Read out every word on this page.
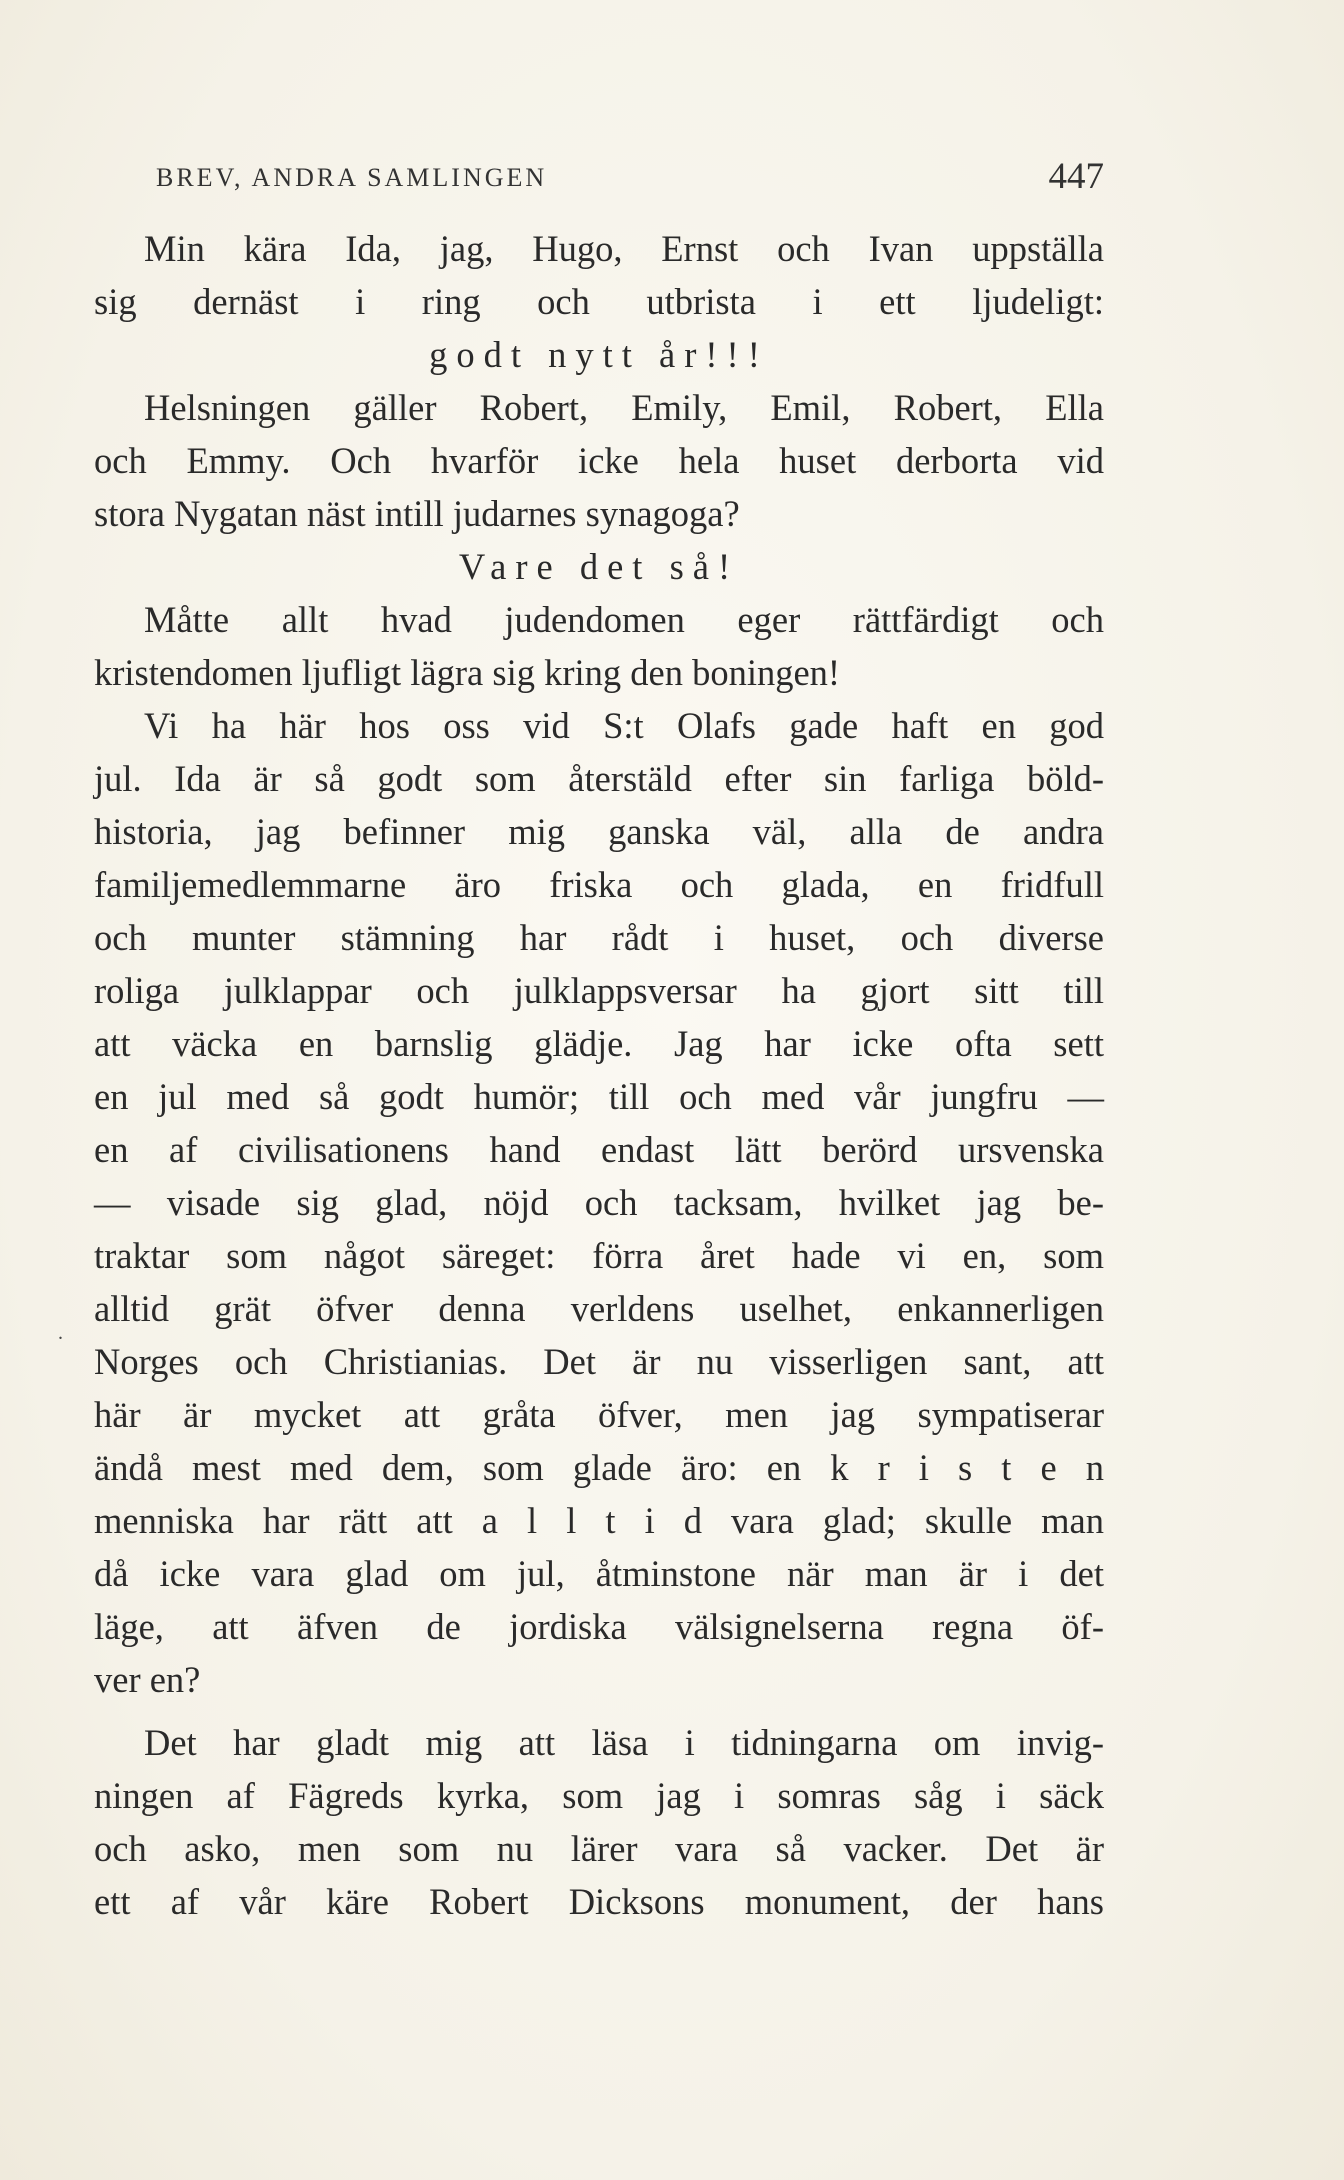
BREV, ANDRA SAMLINGEN	447
Min kära Ida, jag, Hugo, Ernst och Ivan uppställa
sig dernäst i ring och utbrista i ett ljudeligt:
godt nytt år!!!
Helsningen gäller Robert, Emily, Emil, Robert, Ella
och Emmy. Och hvarför icke hela huset derborta vid
stora Nygatan näst intill judarnes synagoga?
Vare det så!
Måtte allt hvad judendomen eger rättfärdigt och
kristendomen ljufligt lägra sig kring den boningen!
Vi ha här hos oss vid S:t Olafs gade haft en god
jul. Ida är så godt som återstäld efter sin farliga böld-
historia, jag befinner mig ganska väl, alla de andra
familjemedlemmarne äro friska och glada, en fridfull
och munter stämning har rådt i huset, och diverse
roliga julklappar och julklappsversar ha gjort sitt till
att väcka en barnslig glädje. Jag har icke ofta sett
en jul med så godt humör; till och med vår jungfru —
en af civilisationens hand endast lätt berörd ursvenska
— visade sig glad, nöjd och tacksam, hvilket jag be-
traktar som något säreget: förra året hade vi en, som
alltid grät öfver denna verldens uselhet, enkannerligen
Norges och Christianias. Det är nu visserligen sant, att
här är mycket att gråta öfver, men jag sympatiserar
ändå mest med dem, som glade äro: en k r i s t e n
menniska har rätt att a l l t i d vara glad; skulle man
då icke vara glad om jul, åtminstone när man är i det
läge, att äfven de jordiska välsignelserna regna öf-
ver en?
Det har gladt mig att läsa i tidningarna om invig-
ningen af Fägreds kyrka, som jag i somras såg i säck
och asko, men som nu lärer vara så vacker. Det är
ett af vår käre Robert Dicksons monument, der hans
.
